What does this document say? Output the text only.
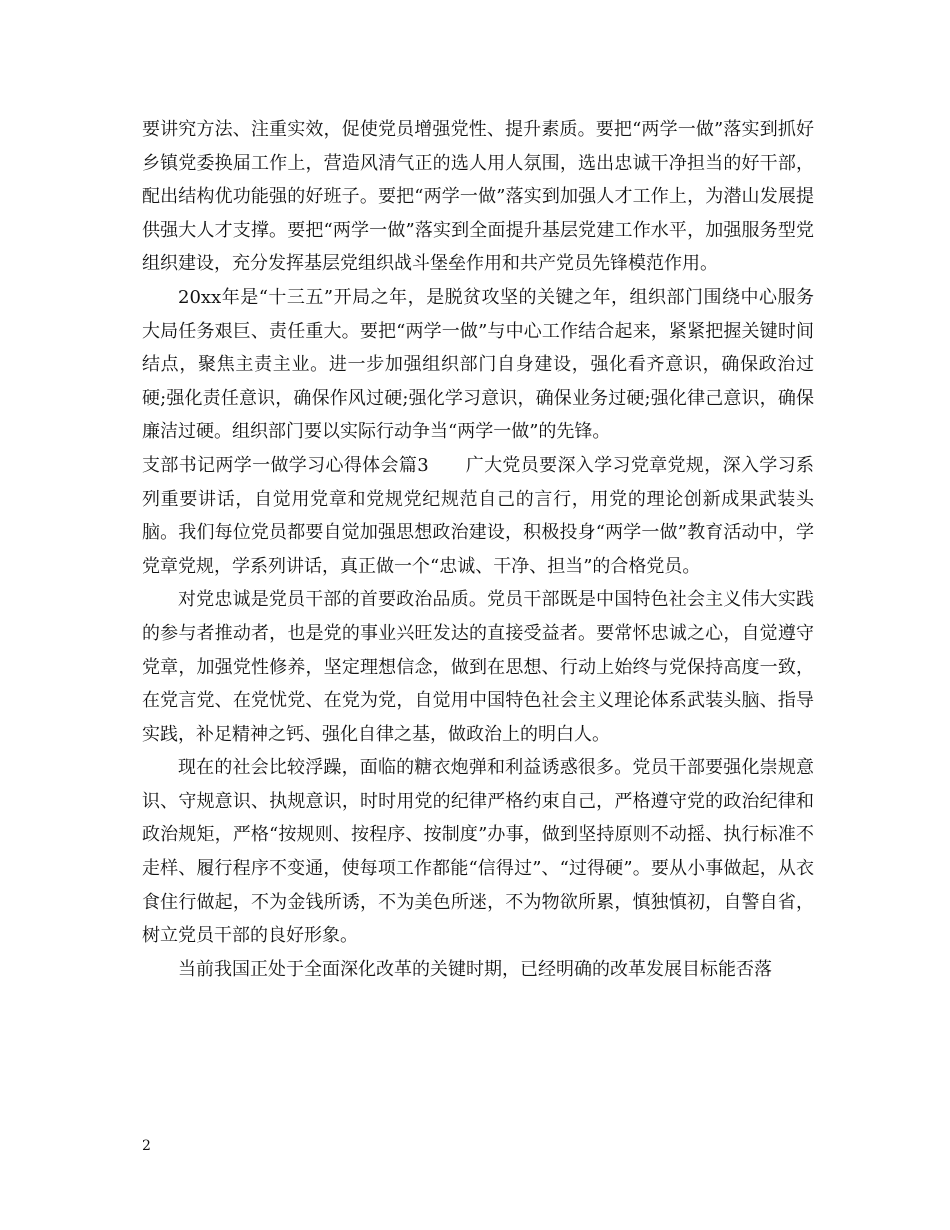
要讲究方法、注重实效，促使党员增强党性、提升素质。要把“两学一做”落实到抓好乡镇党委换届工作上，营造风清气正的选人用人氛围，选出忠诚干净担当的好干部，配出结构优功能强的好班子。要把“两学一做”落实到加强人才工作上，为潜山发展提供强大人才支撑。要把“两学一做”落实到全面提升基层党建工作水平，加强服务型党组织建设，充分发挥基层党组织战斗堡垒作用和共产党员先锋模范作用。

20xx年是“十三五”开局之年，是脱贫攻坚的关键之年，组织部门围绕中心服务大局任务艰巨、责任重大。要把“两学一做”与中心工作结合起来，紧紧把握关键时间结点，聚焦主责主业。进一步加强组织部门自身建设，强化看齐意识，确保政治过硬;强化责任意识，确保作风过硬;强化学习意识，确保业务过硬;强化律己意识，确保廉洁过硬。组织部门要以实际行动争当“两学一做”的先锋。

支部书记两学一做学习心得体会篇3　　广大党员要深入学习党章党规，深入学习系列重要讲话，自觉用党章和党规党纪规范自己的言行，用党的理论创新成果武装头脑。我们每位党员都要自觉加强思想政治建设，积极投身“两学一做”教育活动中，学党章党规，学系列讲话，真正做一个“忠诚、干净、担当”的合格党员。

对党忠诚是党员干部的首要政治品质。党员干部既是中国特色社会主义伟大实践的参与者推动者，也是党的事业兴旺发达的直接受益者。要常怀忠诚之心，自觉遵守党章，加强党性修养，坚定理想信念，做到在思想、行动上始终与党保持高度一致，在党言党、在党忧党、在党为党，自觉用中国特色社会主义理论体系武装头脑、指导实践，补足精神之钙、强化自律之基，做政治上的明白人。

现在的社会比较浮躁，面临的糖衣炮弹和利益诱惑很多。党员干部要强化崇规意识、守规意识、执规意识，时时用党的纪律严格约束自己，严格遵守党的政治纪律和政治规矩，严格“按规则、按程序、按制度”办事，做到坚持原则不动摇、执行标准不走样、履行程序不变通，使每项工作都能“信得过”、“过得硬”。要从小事做起，从衣食住行做起，不为金钱所诱，不为美色所迷，不为物欲所累，慎独慎初，自警自省，树立党员干部的良好形象。

当前我国正处于全面深化改革的关键时期，已经明确的改革发展目标能否落

2
